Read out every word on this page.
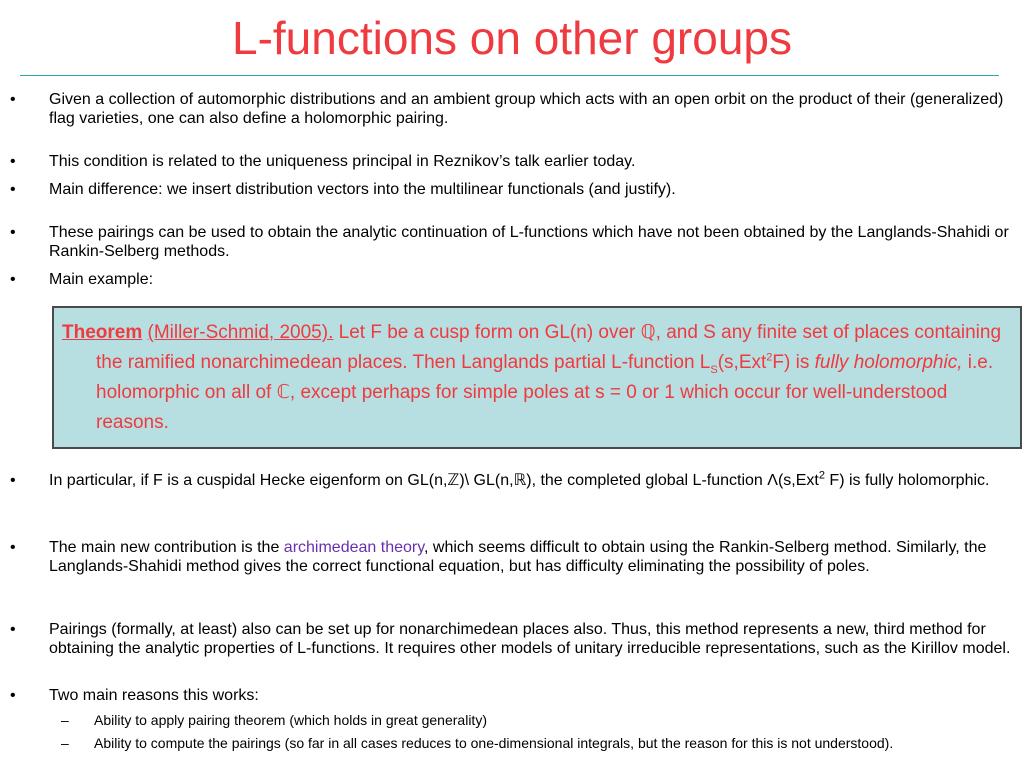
L-functions on other groups
• Given a collection of automorphic distributions and an ambient group which acts with an open orbit on the product of their (generalized) flag varieties, one can also define a holomorphic pairing.
• This condition is related to the uniqueness principal in Reznikov’s talk earlier today.
• Main difference: we insert distribution vectors into the multilinear functionals (and justify).
• These pairings can be used to obtain the analytic continuation of L-functions which have not been obtained by the Langlands-Shahidi or Rankin-Selberg methods.
• Main example:
Theorem (Miller-Schmid, 2005). Let F be a cusp form on GL(n) over ℚ, and S any finite set of places containing the ramified nonarchimedean places. Then Langlands partial L-function $L_S(s,Ext^2F)$ is fully holomorphic, i.e. holomorphic on all of ℂ, except perhaps for simple poles at s = 0 or 1 which occur for well-understood reasons.
• In particular, if F is a cuspidal Hecke eigenform on GL(n,ℤ)\ GL(n,ℝ), the completed global L-function Λ(s,Ext$^2$ F) is fully holomorphic.
• The main new contribution is the archimedean theory, which seems difficult to obtain using the Rankin-Selberg method. Similarly, the Langlands-Shahidi method gives the correct functional equation, but has difficulty eliminating the possibility of poles.
• Pairings (formally, at least) also can be set up for nonarchimedean places also. Thus, this method represents a new, third method for obtaining the analytic properties of L-functions. It requires other models of unitary irreducible representations, such as the Kirillov model.
• Two main reasons this works:
– Ability to apply pairing theorem (which holds in great generality)
– Ability to compute the pairings (so far in all cases reduces to one-dimensional integrals, but the reason for this is not understood).
